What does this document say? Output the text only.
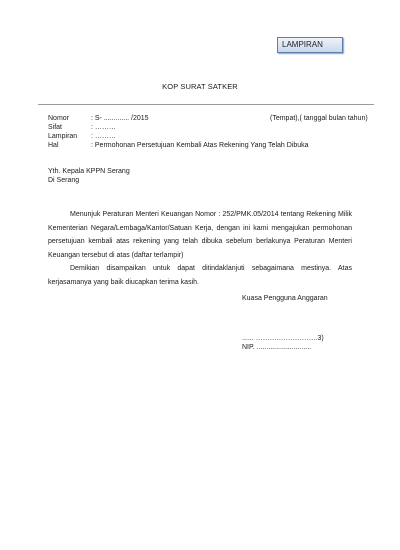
LAMPIRAN
KOP SURAT SATKER
Nomor	: S- ............. /2015	(Tempat),( tanggal bulan tahun)
Sifat	: ………
Lampiran : ………
Hal	: Permohonan Persetujuan Kembali Atas Rekening Yang Telah Dibuka
Yth. Kepala KPPN Serang
Di Serang

Menunjuk Peraturan Menteri Keuangan Nomor : 252/PMK.05/2014 tentang Rekening Milik Kementerian Negara/Lembaga/Kantor/Satuan Kerja, dengan ini kami mengajukan permohonan persetujuan kembali atas rekening yang telah dibuka sebelum berlakunya Peraturan Menteri Keuangan tersebut di atas (daftar terlampir)

Demikian disampaikan untuk dapat ditindaklanjuti sebagaimana mestinya. Atas kerjasamanya yang baik diucapkan terima kasih.

Kuasa Pengguna Anggaran
...... ……….……………..3)
NIP. ............................
